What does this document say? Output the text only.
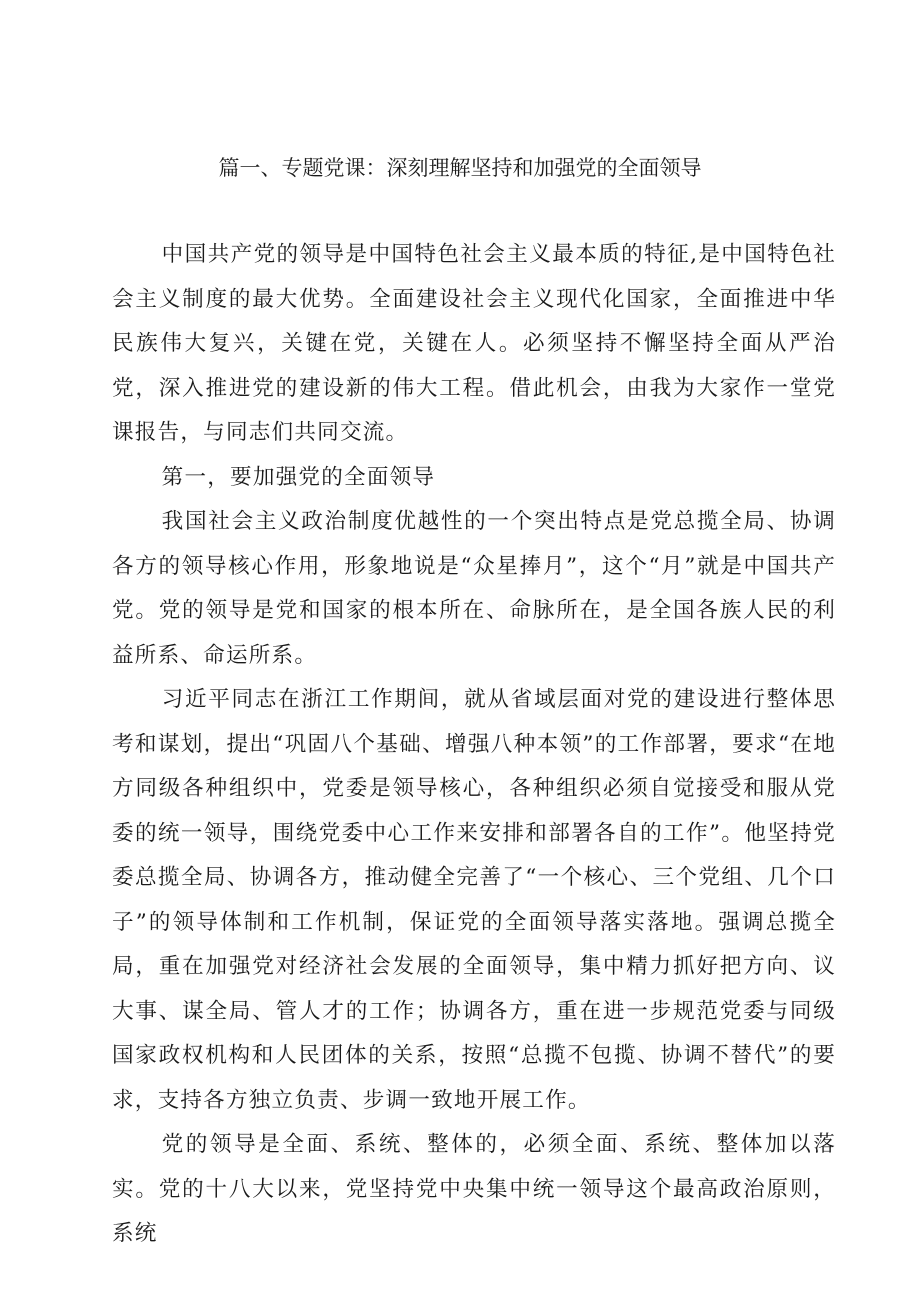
篇一、专题党课：深刻理解坚持和加强党的全面领导

中国共产党的领导是中国特色社会主义最本质的特征,是中国特色社会主义制度的最大优势。全面建设社会主义现代化国家，全面推进中华民族伟大复兴，关键在党，关键在人。必须坚持不懈坚持全面从严治党，深入推进党的建设新的伟大工程。借此机会，由我为大家作一堂党课报告，与同志们共同交流。

第一，要加强党的全面领导

我国社会主义政治制度优越性的一个突出特点是党总揽全局、协调各方的领导核心作用，形象地说是“众星捧月”，这个“月”就是中国共产党。党的领导是党和国家的根本所在、命脉所在，是全国各族人民的利益所系、命运所系。

习近平同志在浙江工作期间，就从省域层面对党的建设进行整体思考和谋划，提出“巩固八个基础、增强八种本领”的工作部署，要求“在地方同级各种组织中，党委是领导核心，各种组织必须自觉接受和服从党委的统一领导，围绕党委中心工作来安排和部署各自的工作”。他坚持党委总揽全局、协调各方，推动健全完善了“一个核心、三个党组、几个口子”的领导体制和工作机制，保证党的全面领导落实落地。强调总揽全局，重在加强党对经济社会发展的全面领导，集中精力抓好把方向、议大事、谋全局、管人才的工作；协调各方，重在进一步规范党委与同级国家政权机构和人民团体的关系，按照“总揽不包揽、协调不替代”的要求，支持各方独立负责、步调一致地开展工作。

党的领导是全面、系统、整体的，必须全面、系统、整体加以落实。党的十八大以来，党坚持党中央集中统一领导这个最高政治原则，系统
